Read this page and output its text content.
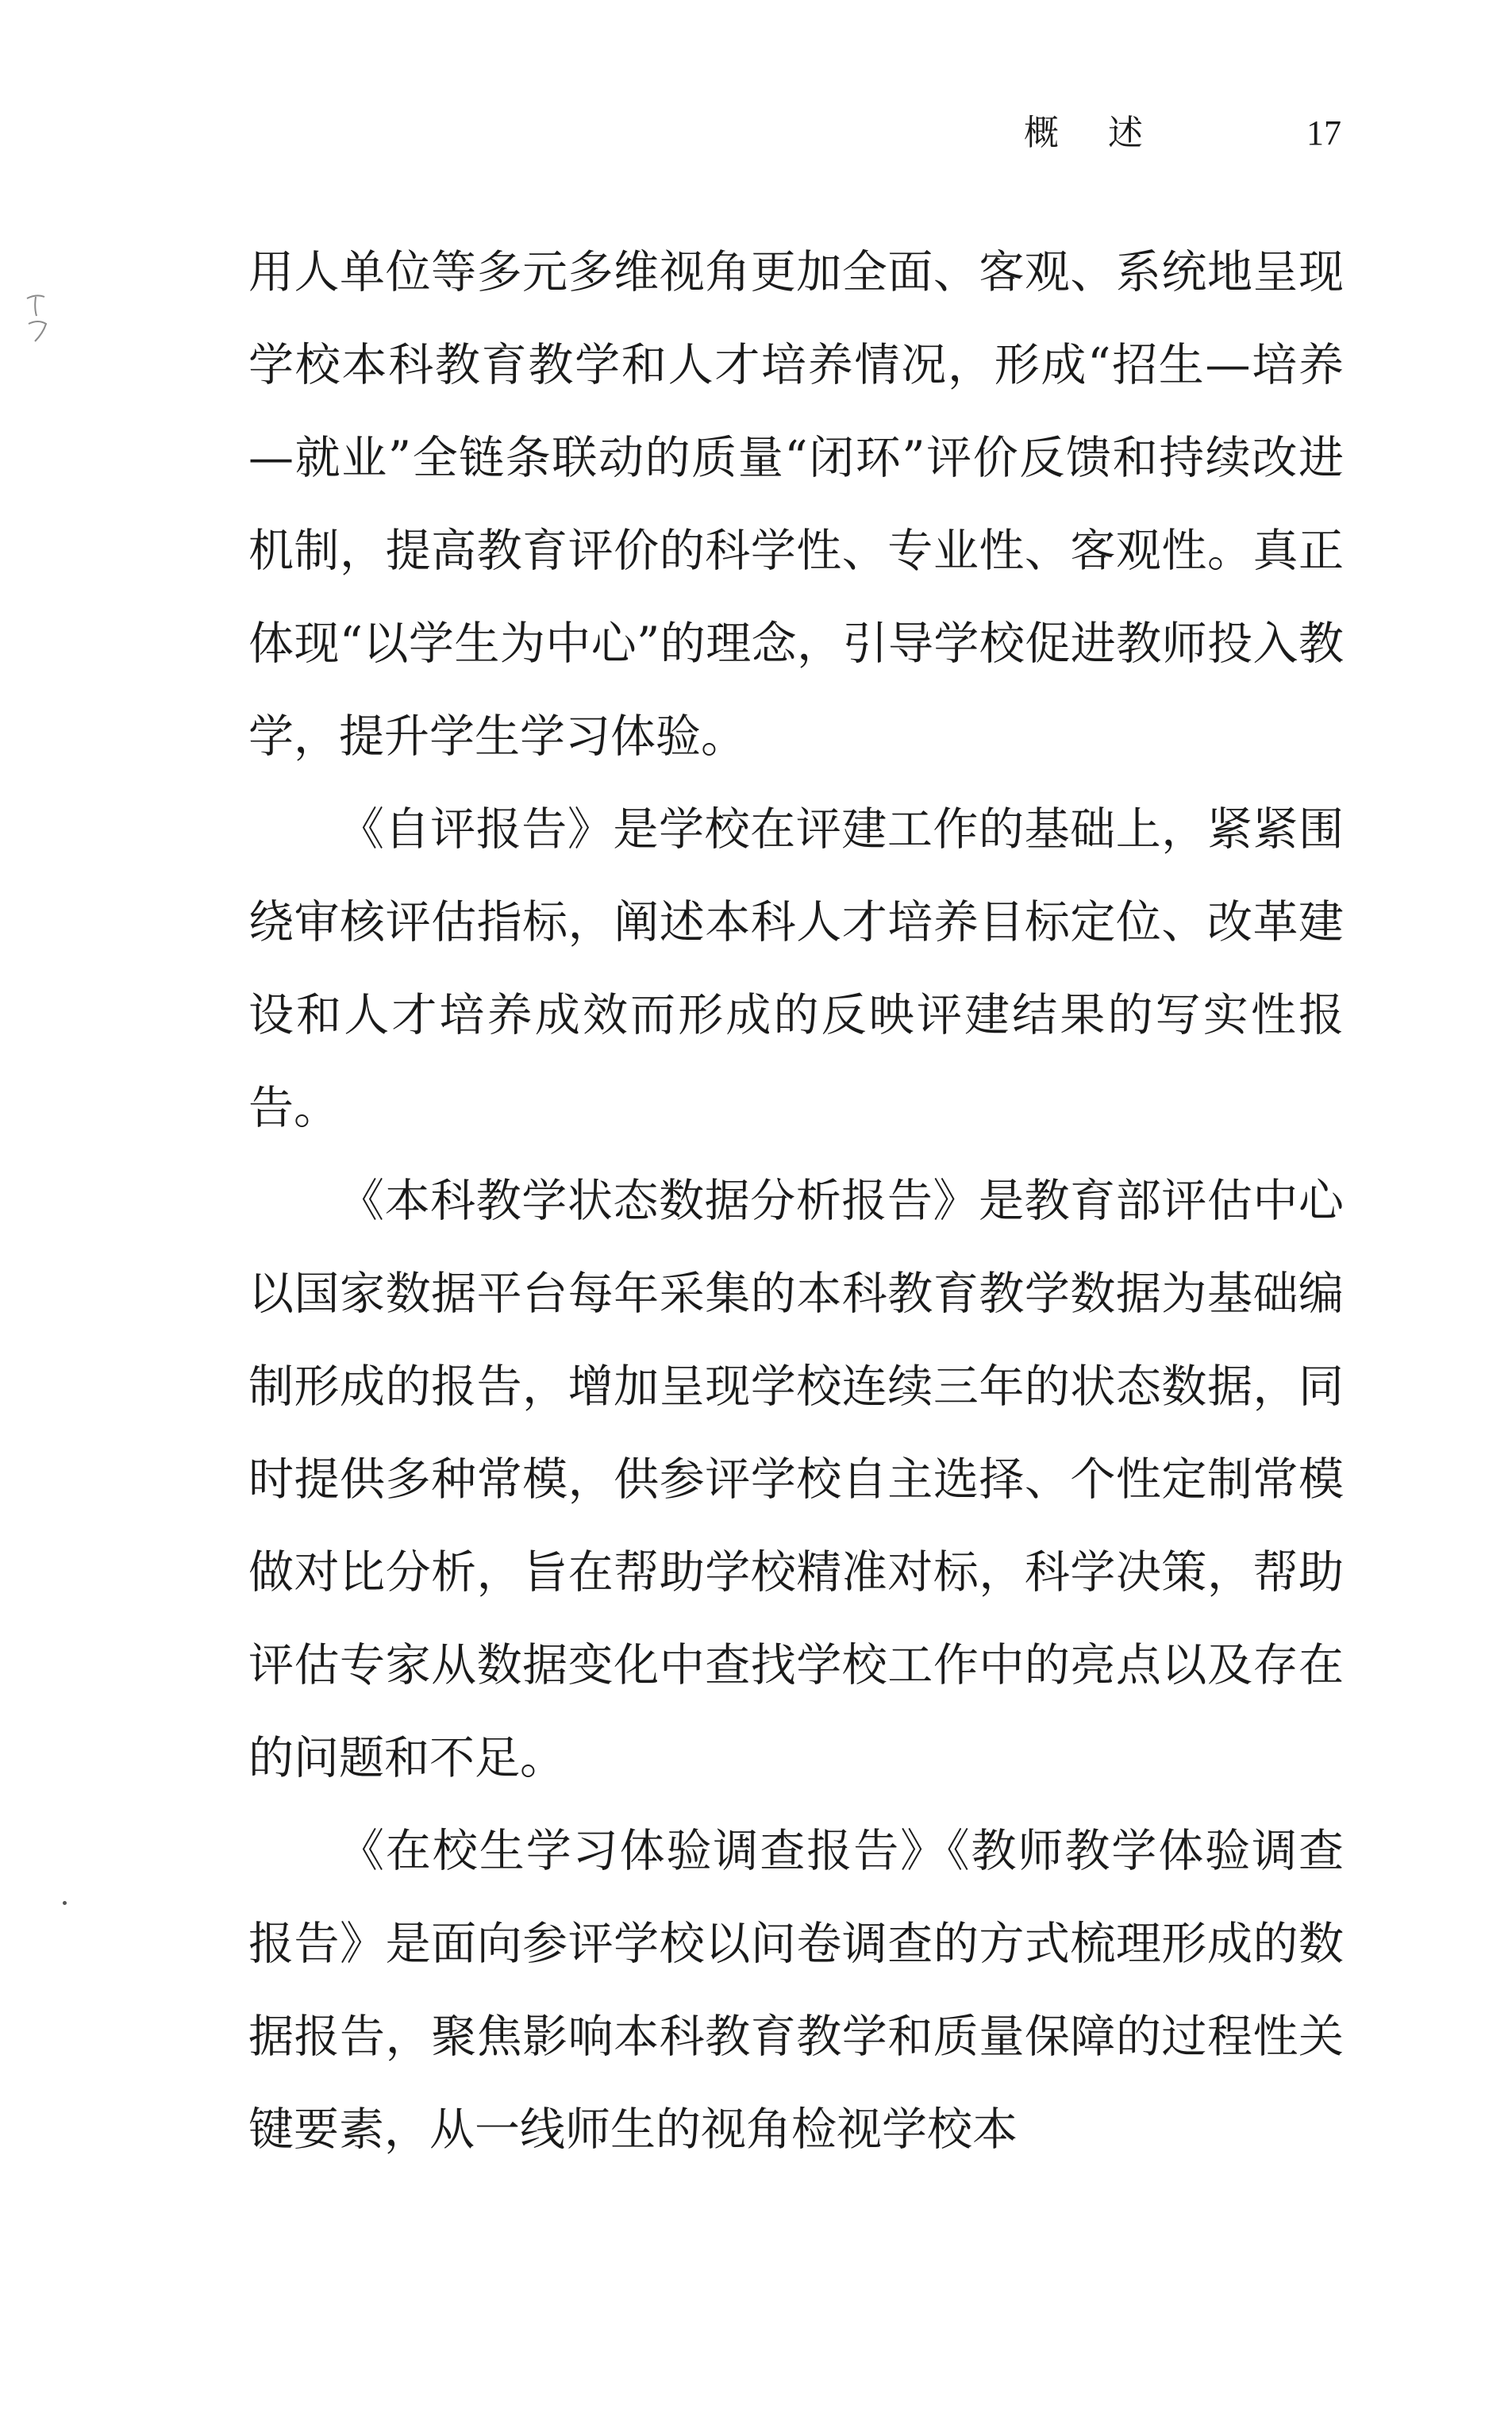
概述	17

用人单位等多元多维视角更加全面、客观、系统地呈现学校本科教育教学和人才培养情况，形成“招生—培养—就业”全链条联动的质量“闭环”评价反馈和持续改进机制，提高教育评价的科学性、专业性、客观性。真正体现“以学生为中心”的理念，引导学校促进教师投入教学，提升学生学习体验。

《自评报告》是学校在评建工作的基础上，紧紧围绕审核评估指标，阐述本科人才培养目标定位、改革建设和人才培养成效而形成的反映评建结果的写实性报告。

《本科教学状态数据分析报告》是教育部评估中心以国家数据平台每年采集的本科教育教学数据为基础编制形成的报告，增加呈现学校连续三年的状态数据，同时提供多种常模，供参评学校自主选择、个性定制常模做对比分析，旨在帮助学校精准对标，科学决策，帮助评估专家从数据变化中查找学校工作中的亮点以及存在的问题和不足。

《在校生学习体验调查报告》《教师教学体验调查报告》是面向参评学校以问卷调查的方式梳理形成的数据报告，聚焦影响本科教育教学和质量保障的过程性关键要素，从一线师生的视角检视学校本
